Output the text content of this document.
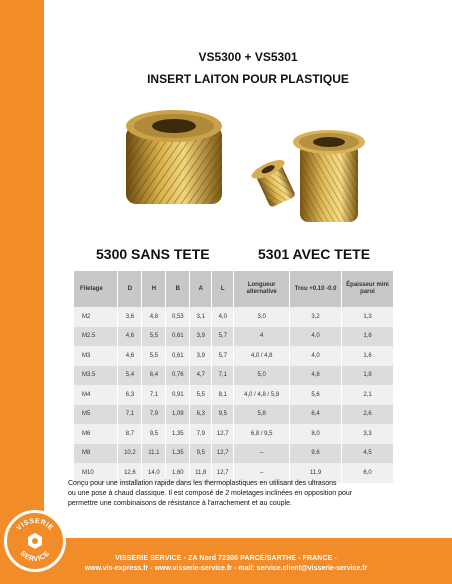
VS5300 + VS5301
INSERT LAITON POUR PLASTIQUE
5300 SANS TETE	5301 AVEC TETE
Filetage	D	H	B	A	L	Longueur alternative	Trou +0.10 -0.0	Épaisseur mini paroi
M2	3,6	4,8	0,53	3,1	4,0	3,0	3,2	1,3
M2.5	4,6	5,5	0,61	3,9	5,7	4	4,0	1,6
M3	4,6	5,5	0,61	3,9	5,7	4,0 / 4,8	4,0	1,6
M3.5	5,4	6,4	0,76	4,7	7,1	5,0	4,8	1,8
M4	6,3	7,1	0,91	5,5	8,1	4,0 / 4,8 / 5,8	5,6	2,1
M5	7,1	7,9	1,09	6,3	9,5	5,8	6,4	2,6
M6	8,7	9,5	1,35	7,9	12,7	6,8 / 9,5	8,0	3,3
M8	10,2	11,1	1,35	9,5	12,7	–	9,6	4,5
M10	12,6	14,0	1,60	11,8	12,7	–	11,9	6,0
Conçu pour une installation rapide dans les thermoplastiques en utilisant des ultrasons
ou une pose à chaud classique. Il est composé de 2 moletages inclinées en opposition pour
permettre une combinaisons de résistance à l'arrachement et au couple.
VISSERIE SERVICE - ZA Nord 72300 PARCÉ/SARTHE - FRANCE -
www.vis-express.fr - www.visserie-service.fr - mail: service.client@visserie-service.fr
VISSERIE
SERVICE
